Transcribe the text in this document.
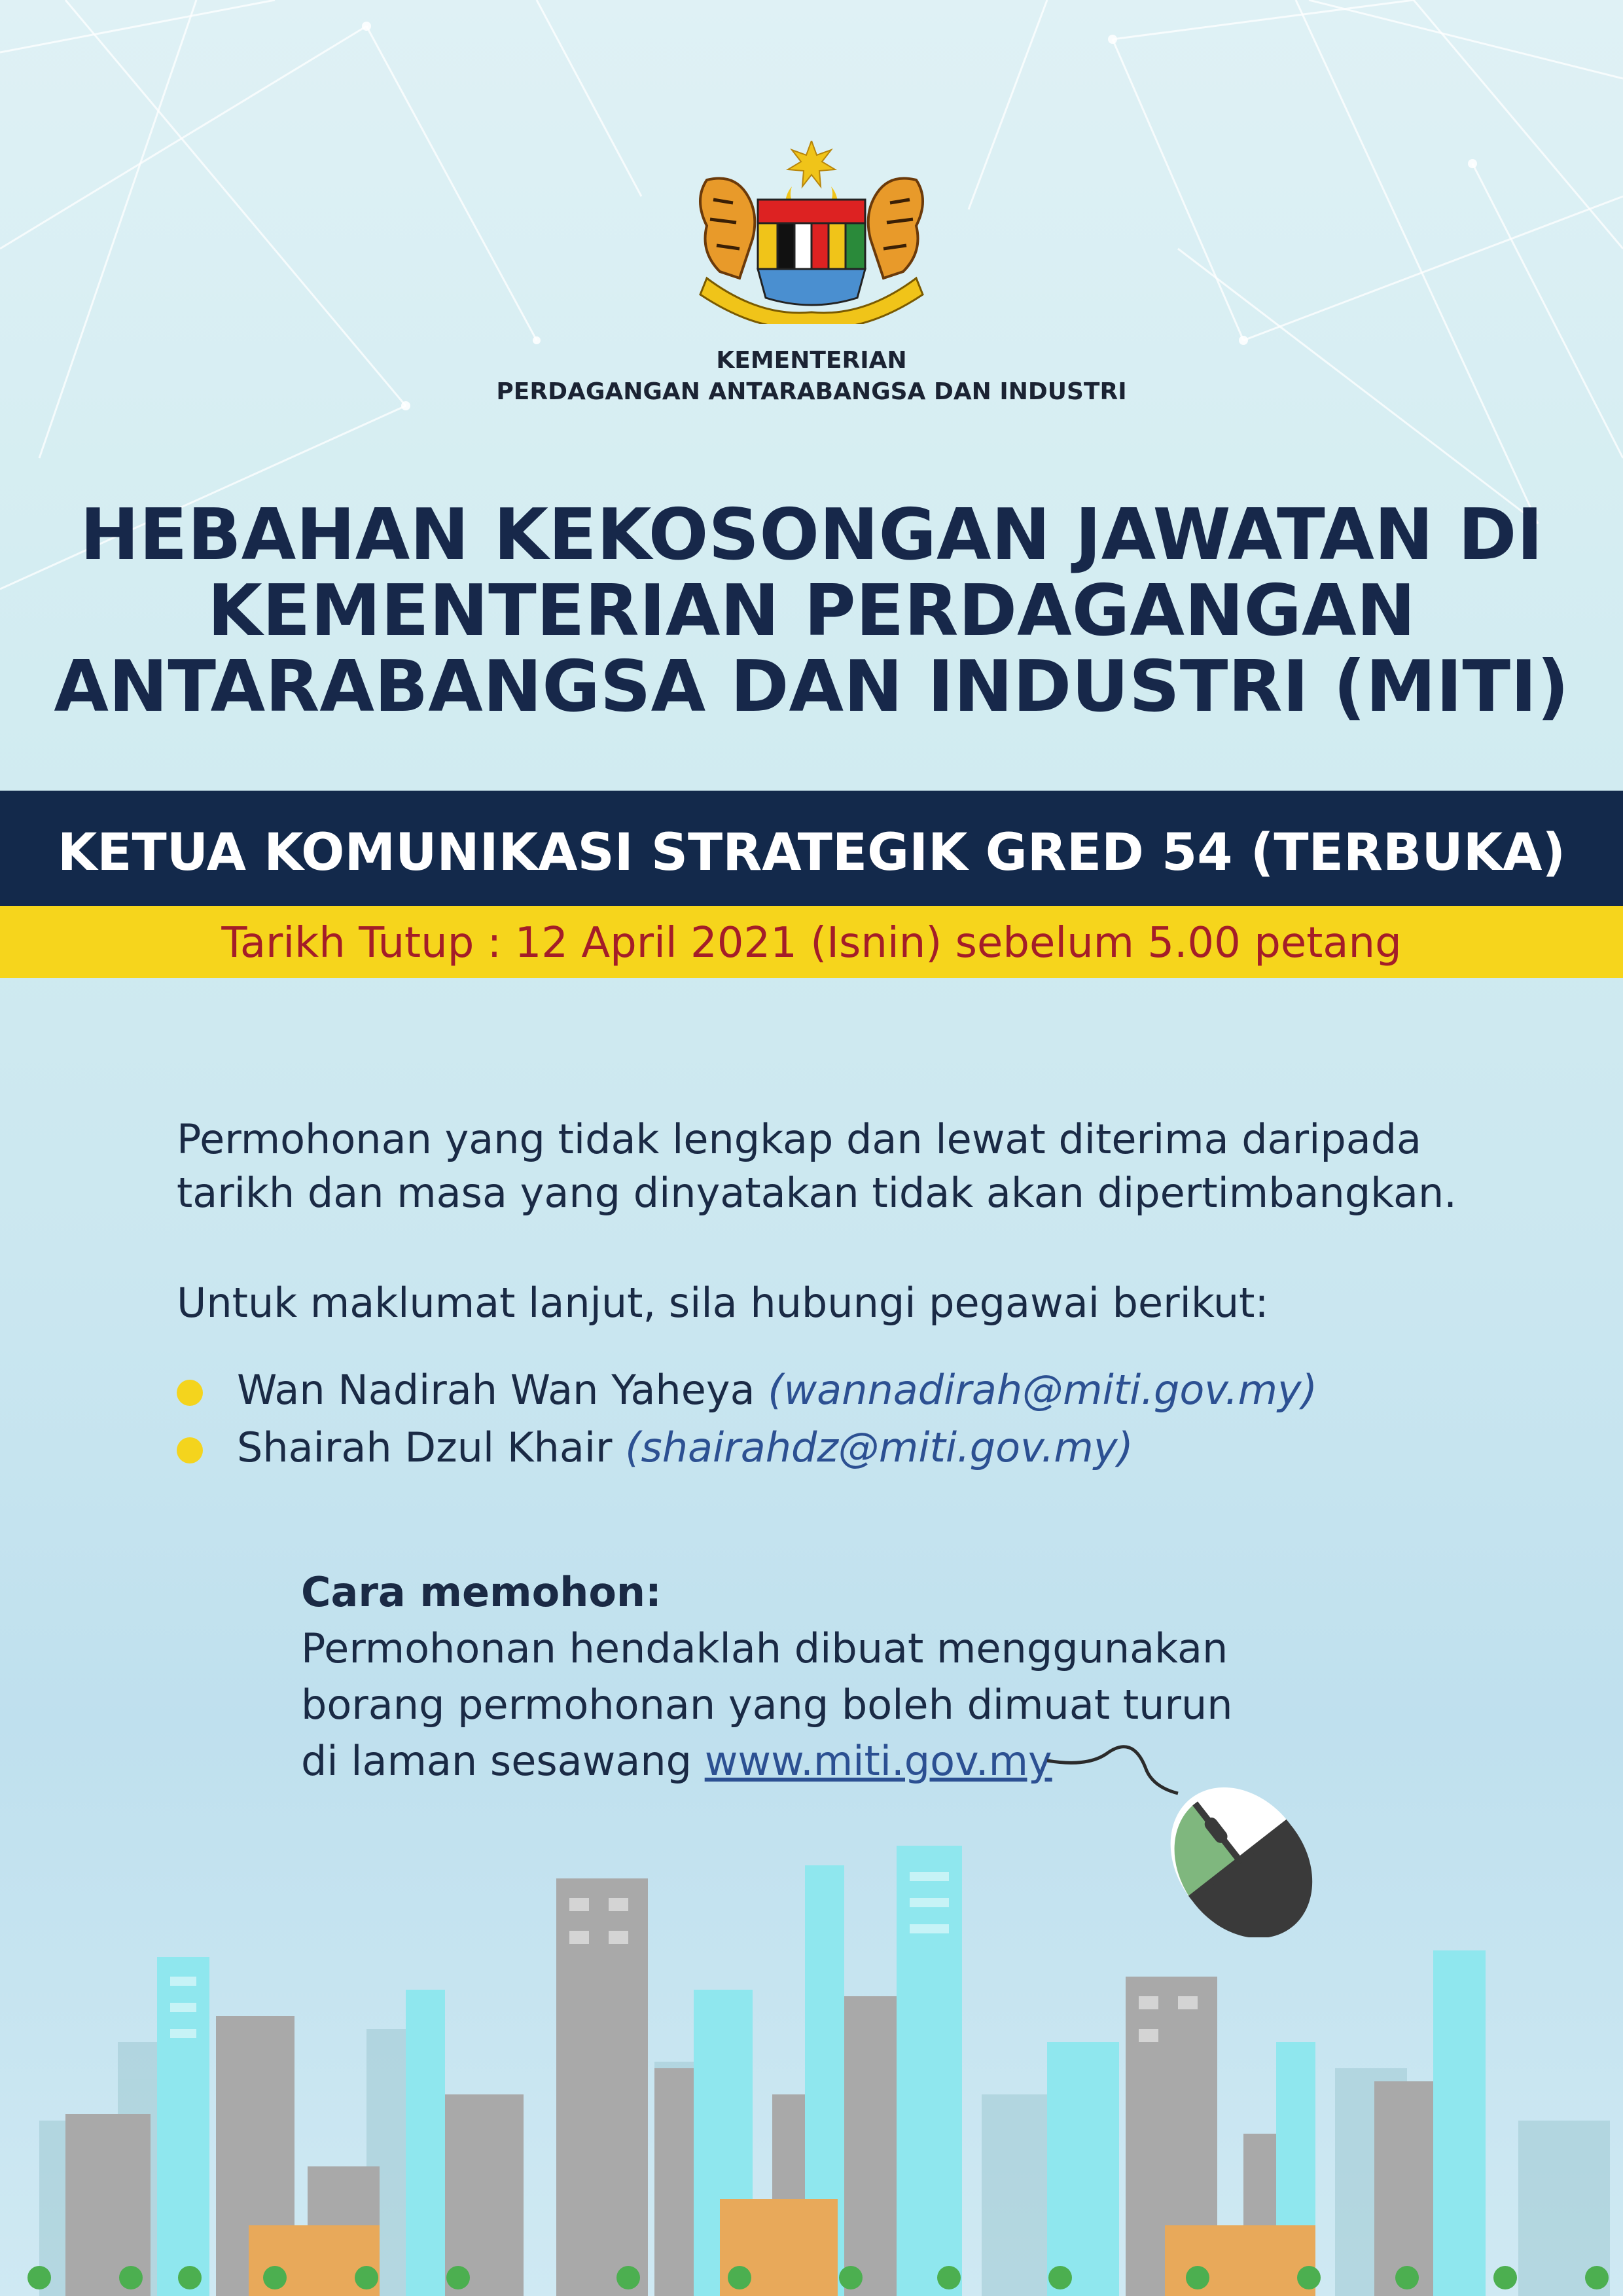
KEMENTERIAN
PERDAGANGAN ANTARABANGSA DAN INDUSTRI
HEBAHAN KEKOSONGAN JAWATAN DI
KEMENTERIAN PERDAGANGAN
ANTARABANGSA DAN INDUSTRI (MITI)
KETUA KOMUNIKASI STRATEGIK GRED 54 (TERBUKA)
Tarikh Tutup : 12 April 2021 (Isnin) sebelum 5.00 petang
Permohonan yang tidak lengkap dan lewat diterima daripada
tarikh dan masa yang dinyatakan tidak akan dipertimbangkan.
Untuk maklumat lanjut, sila hubungi pegawai berikut:
Wan Nadirah Wan Yaheya (wannadirah@miti.gov.my)
Shairah Dzul Khair (shairahdz@miti.gov.my)
Cara memohon:
Permohonan hendaklah dibuat menggunakan
borang permohonan yang boleh dimuat turun
di laman sesawang www.miti.gov.my
